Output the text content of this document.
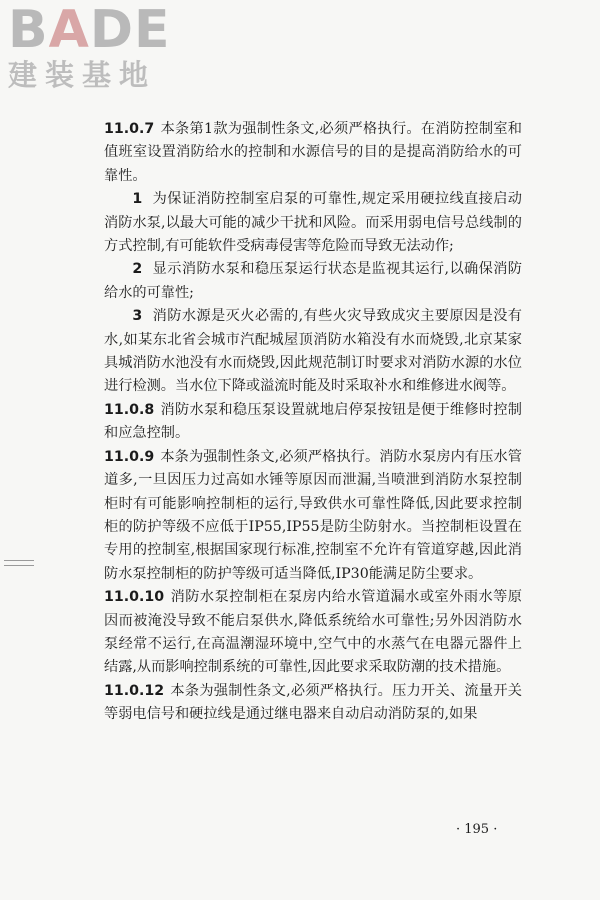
BADE
建装基地

11.0.7 本条第1款为强制性条文,必须严格执行。在消防控制室和值班室设置消防给水的控制和水源信号的目的是提高消防给水的可靠性。

1 为保证消防控制室启泵的可靠性,规定采用硬拉线直接启动消防水泵,以最大可能的减少干扰和风险。而采用弱电信号总线制的方式控制,有可能软件受病毒侵害等危险而导致无法动作;

2 显示消防水泵和稳压泵运行状态是监视其运行,以确保消防给水的可靠性;

3 消防水源是灭火必需的,有些火灾导致成灾主要原因是没有水,如某东北省会城市汽配城屋顶消防水箱没有水而烧毁,北京某家具城消防水池没有水而烧毁,因此规范制订时要求对消防水源的水位进行检测。当水位下降或溢流时能及时采取补水和维修进水阀等。

11.0.8 消防水泵和稳压泵设置就地启停泵按钮是便于维修时控制和应急控制。

11.0.9 本条为强制性条文,必须严格执行。消防水泵房内有压水管道多,一旦因压力过高如水锤等原因而泄漏,当喷泄到消防水泵控制柜时有可能影响控制柜的运行,导致供水可靠性降低,因此要求控制柜的防护等级不应低于IP55,IP55是防尘防射水。当控制柜设置在专用的控制室,根据国家现行标准,控制室不允许有管道穿越,因此消防水泵控制柜的防护等级可适当降低,IP30能满足防尘要求。

11.0.10 消防水泵控制柜在泵房内给水管道漏水或室外雨水等原因而被淹没导致不能启泵供水,降低系统给水可靠性;另外因消防水泵经常不运行,在高温潮湿环境中,空气中的水蒸气在电器元器件上结露,从而影响控制系统的可靠性,因此要求采取防潮的技术措施。

11.0.12 本条为强制性条文,必须严格执行。压力开关、流量开关等弱电信号和硬拉线是通过继电器来自动启动消防泵的,如果

· 195 ·
